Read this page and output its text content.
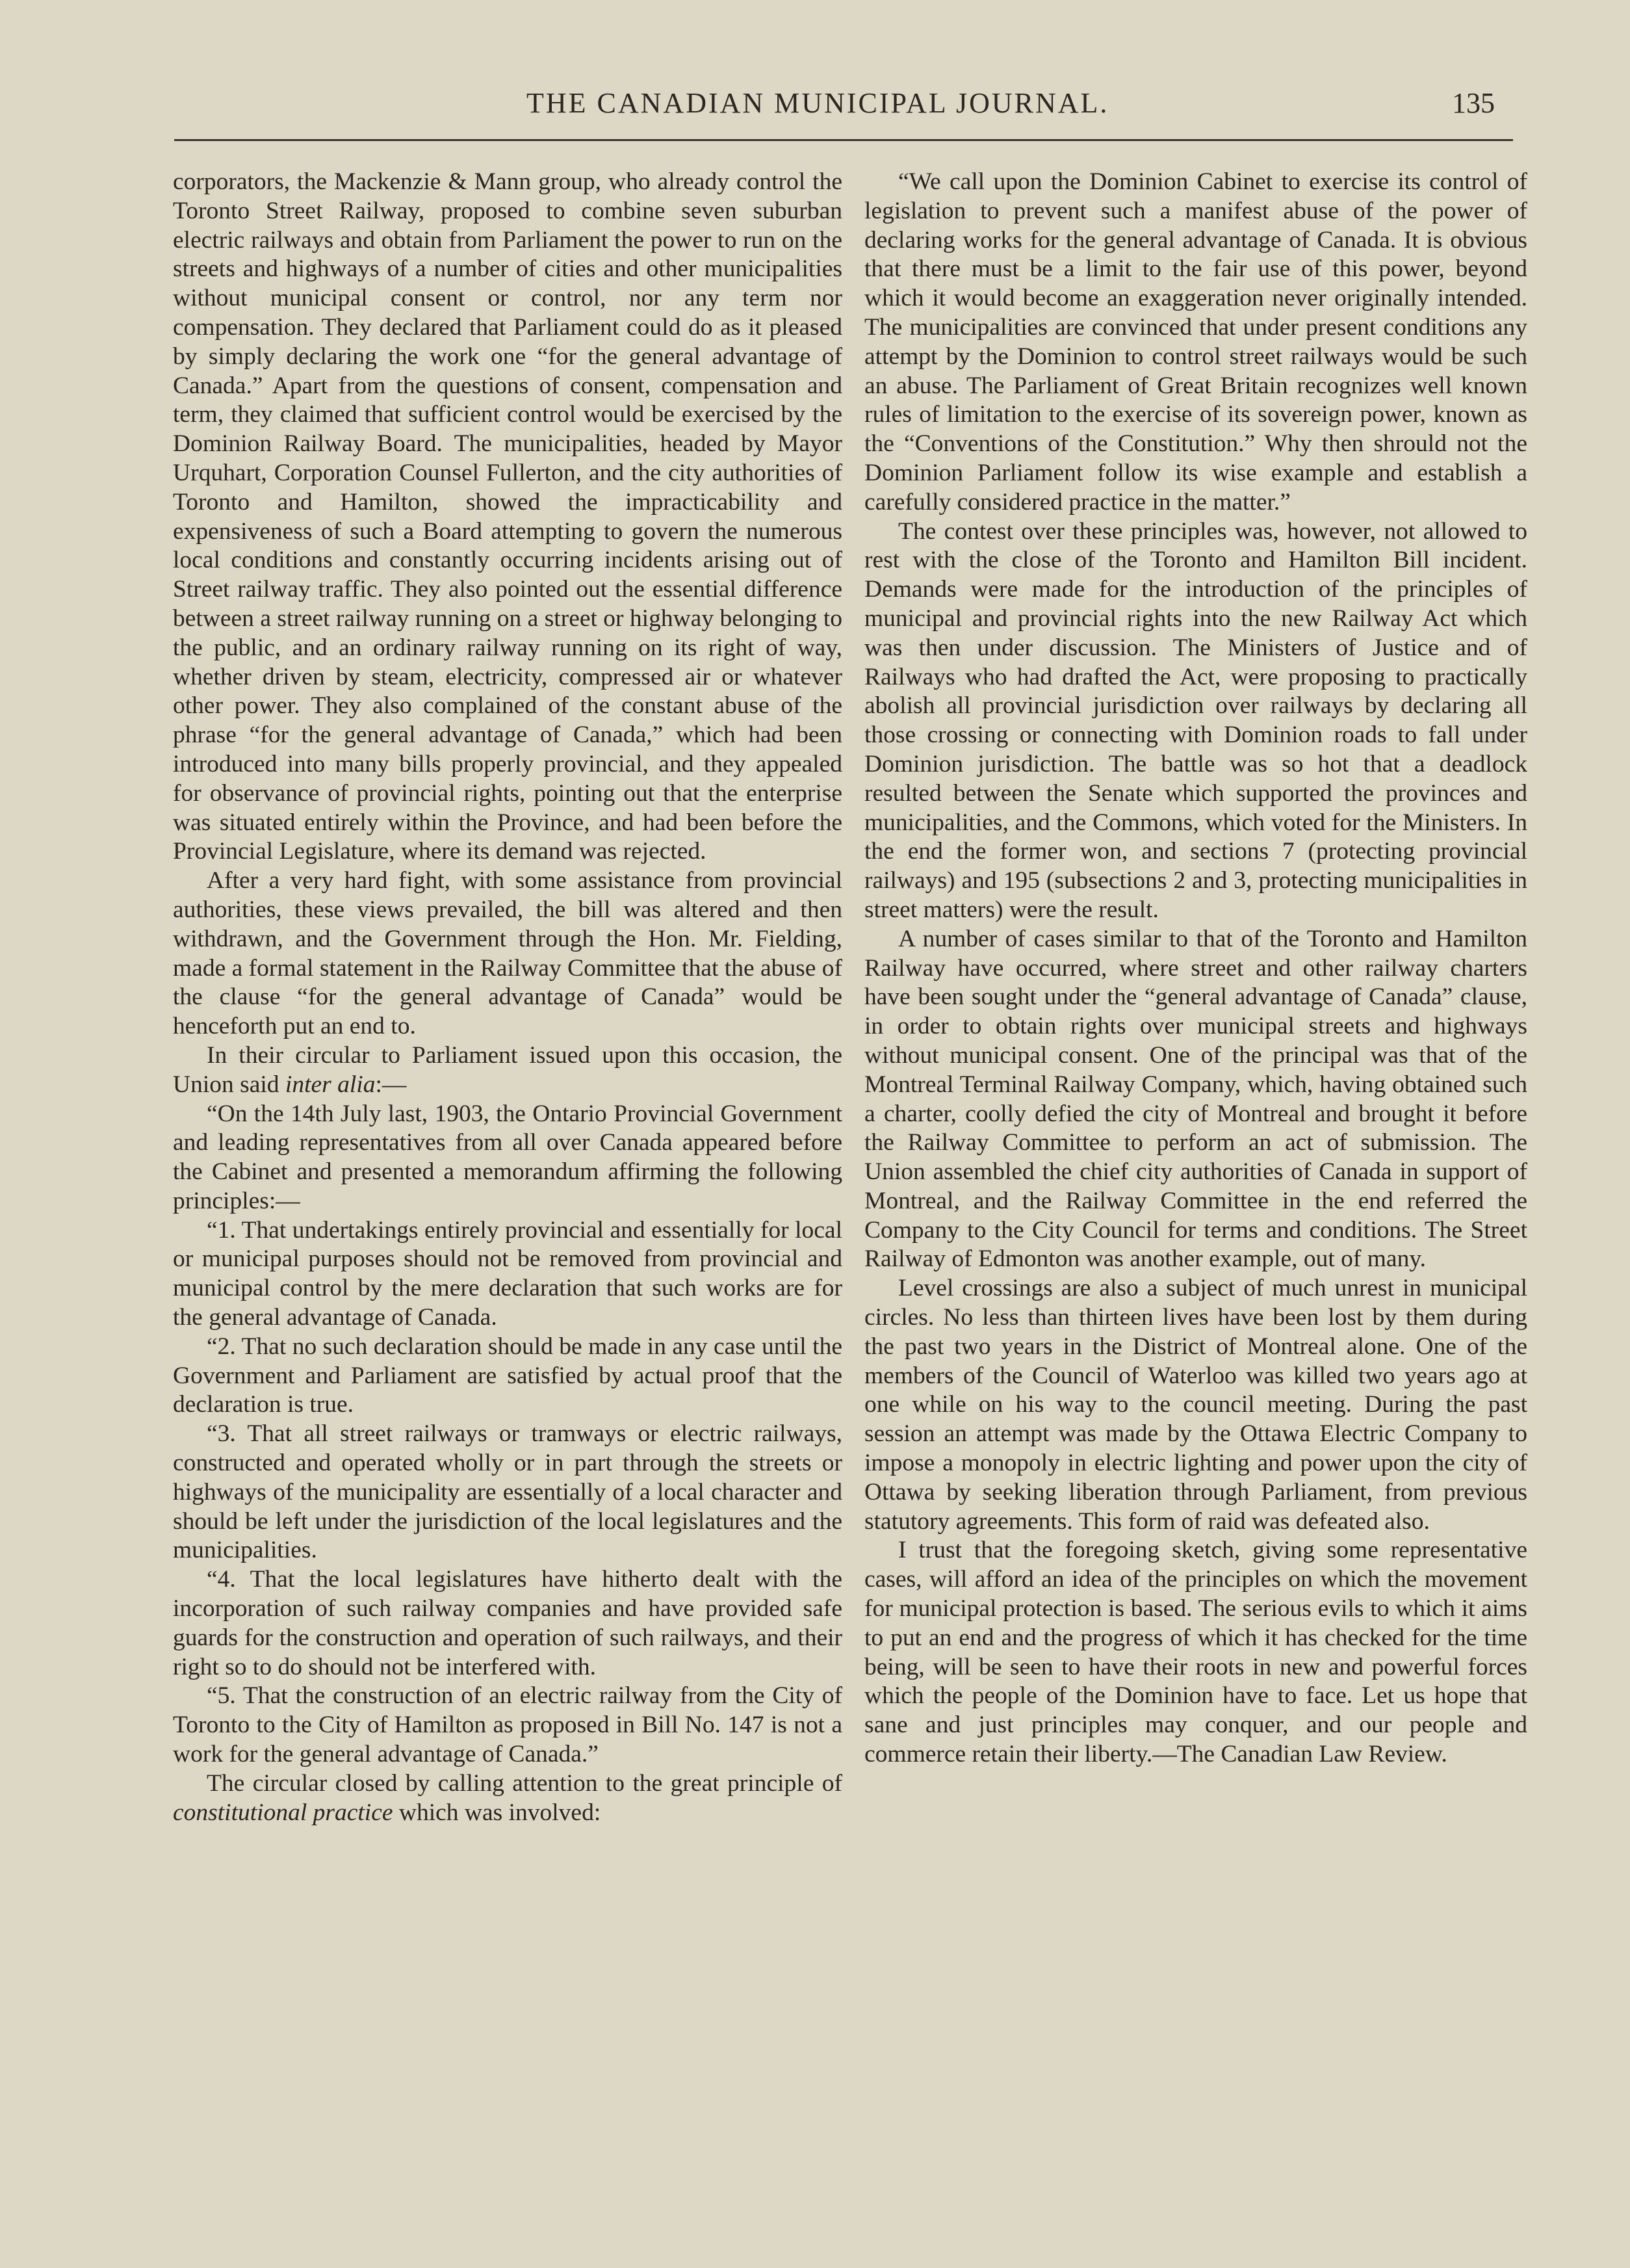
THE CANADIAN MUNICIPAL JOURNAL.	135

corporators, the Mackenzie & Mann group, who already control the Toronto Street Railway, proposed to combine seven suburban electric railways and obtain from Parliament the power to run on the streets and highways of a number of cities and other municipalities without municipal consent or control, nor any term nor compensation. They declared that Parliament could do as it pleased by simply declaring the work one “for the general advantage of Canada.” Apart from the questions of consent, compensation and term, they claimed that sufficient control would be exercised by the Dominion Railway Board. The municipalities, headed by Mayor Urquhart, Corporation Counsel Fullerton, and the city authorities of Toronto and Hamilton, showed the impracticability and expensiveness of such a Board attempting to govern the numerous local conditions and constantly occurring incidents arising out of Street railway traffic. They also pointed out the essential difference between a street railway running on a street or highway belonging to the public, and an ordinary railway running on its right of way, whether driven by steam, electricity, compressed air or whatever other power. They also complained of the constant abuse of the phrase “for the general advantage of Canada,” which had been introduced into many bills properly provincial, and they appealed for observance of provincial rights, pointing out that the enterprise was situated entirely within the Province, and had been before the Provincial Legislature, where its demand was rejected.

After a very hard fight, with some assistance from provincial authorities, these views prevailed, the bill was altered and then withdrawn, and the Government through the Hon. Mr. Fielding, made a formal statement in the Railway Committee that the abuse of the clause “for the general advantage of Canada” would be henceforth put an end to.

In their circular to Parliament issued upon this occasion, the Union said inter alia:—

“On the 14th July last, 1903, the Ontario Provincial Government and leading representatives from all over Canada appeared before the Cabinet and presented a memorandum affirming the following principles:—

“1. That undertakings entirely provincial and essentially for local or municipal purposes should not be removed from provincial and municipal control by the mere declaration that such works are for the general advantage of Canada.

“2. That no such declaration should be made in any case until the Government and Parliament are satisfied by actual proof that the declaration is true.

“3. That all street railways or tramways or electric railways, constructed and operated wholly or in part through the streets or highways of the municipality are essentially of a local character and should be left under the jurisdiction of the local legislatures and the municipalities.

“4. That the local legislatures have hitherto dealt with the incorporation of such railway companies and have provided safe guards for the construction and operation of such railways, and their right so to do should not be interfered with.

“5. That the construction of an electric railway from the City of Toronto to the City of Hamilton as proposed in Bill No. 147 is not a work for the general advantage of Canada.”

The circular closed by calling attention to the great principle of constitutional practice which was involved:

“We call upon the Dominion Cabinet to exercise its control of legislation to prevent such a manifest abuse of the power of declaring works for the general advantage of Canada. It is obvious that there must be a limit to the fair use of this power, beyond which it would become an exaggeration never originally intended. The municipalities are convinced that under present conditions any attempt by the Dominion to control street railways would be such an abuse. The Parliament of Great Britain recognizes well known rules of limitation to the exercise of its sovereign power, known as the “Conventions of the Constitution.” Why then shrould not the Dominion Parliament follow its wise example and establish a carefully considered practice in the matter.”

The contest over these principles was, however, not allowed to rest with the close of the Toronto and Hamilton Bill incident. Demands were made for the introduction of the principles of municipal and provincial rights into the new Railway Act which was then under discussion. The Ministers of Justice and of Railways who had drafted the Act, were proposing to practically abolish all provincial jurisdiction over railways by declaring all those crossing or connecting with Dominion roads to fall under Dominion jurisdiction. The battle was so hot that a deadlock resulted between the Senate which supported the provinces and municipalities, and the Commons, which voted for the Ministers. In the end the former won, and sections 7 (protecting provincial railways) and 195 (subsections 2 and 3, protecting municipalities in street matters) were the result.

A number of cases similar to that of the Toronto and Hamilton Railway have occurred, where street and other railway charters have been sought under the “general advantage of Canada” clause, in order to obtain rights over municipal streets and highways without municipal consent. One of the principal was that of the Montreal Terminal Railway Company, which, having obtained such a charter, coolly defied the city of Montreal and brought it before the Railway Committee to perform an act of submission. The Union assembled the chief city authorities of Canada in support of Montreal, and the Railway Committee in the end referred the Company to the City Council for terms and conditions. The Street Railway of Edmonton was another example, out of many.

Level crossings are also a subject of much unrest in municipal circles. No less than thirteen lives have been lost by them during the past two years in the District of Montreal alone. One of the members of the Council of Waterloo was killed two years ago at one while on his way to the council meeting. During the past session an attempt was made by the Ottawa Electric Company to impose a monopoly in electric lighting and power upon the city of Ottawa by seeking liberation through Parliament, from previous statutory agreements. This form of raid was defeated also.

I trust that the foregoing sketch, giving some representative cases, will afford an idea of the principles on which the movement for municipal protection is based. The serious evils to which it aims to put an end and the progress of which it has checked for the time being, will be seen to have their roots in new and powerful forces which the people of the Dominion have to face. Let us hope that sane and just principles may conquer, and our people and commerce retain their liberty.—The Canadian Law Review.
